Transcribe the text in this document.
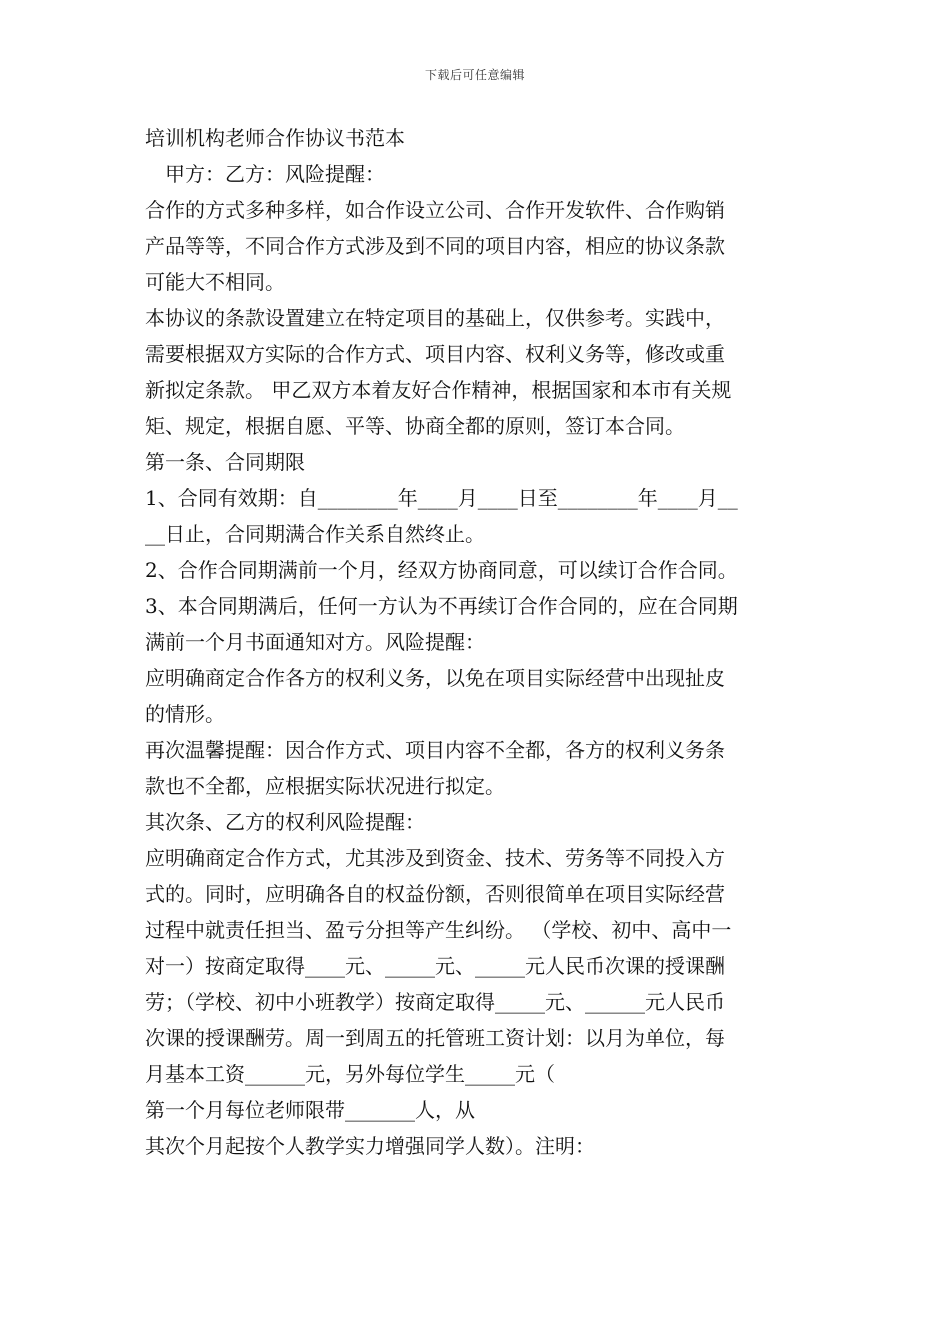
下载后可任意编辑
培训机构老师合作协议书范本
甲方：乙方：风险提醒：
合作的方式多种多样，如合作设立公司、合作开发软件、合作购销
产品等等，不同合作方式涉及到不同的项目内容，相应的协议条款
可能大不相同。
本协议的条款设置建立在特定项目的基础上，仅供参考。实践中，
需要根据双方实际的合作方式、项目内容、权利义务等，修改或重
新拟定条款。 甲乙双方本着友好合作精神，根据国家和本市有关规
矩、规定，根据自愿、平等、协商全都的原则，签订本合同。
第一条、合同期限
1、合同有效期：自________年____月____日至________年____月__
__日止，合同期满合作关系自然终止。
2、合作合同期满前一个月，经双方协商同意，可以续订合作合同。
3、本合同期满后，任何一方认为不再续订合作合同的，应在合同期
满前一个月书面通知对方。风险提醒：
应明确商定合作各方的权利义务，以免在项目实际经营中出现扯皮
的情形。
再次温馨提醒：因合作方式、项目内容不全都，各方的权利义务条
款也不全都，应根据实际状况进行拟定。
其次条、乙方的权利风险提醒：
应明确商定合作方式，尤其涉及到资金、技术、劳务等不同投入方
式的。同时，应明确各自的权益份额，否则很简单在项目实际经营
过程中就责任担当、盈亏分担等产生纠纷。 （学校、初中、高中一
对一）按商定取得____元、_____元、_____元人民币次课的授课酬
劳；（学校、初中小班教学）按商定取得_____元、______元人民币
次课的授课酬劳。周一到周五的托管班工资计划：以月为单位，每
月基本工资______元，另外每位学生_____元（
第一个月每位老师限带_______人，从
其次个月起按个人教学实力增强同学人数）。注明：
